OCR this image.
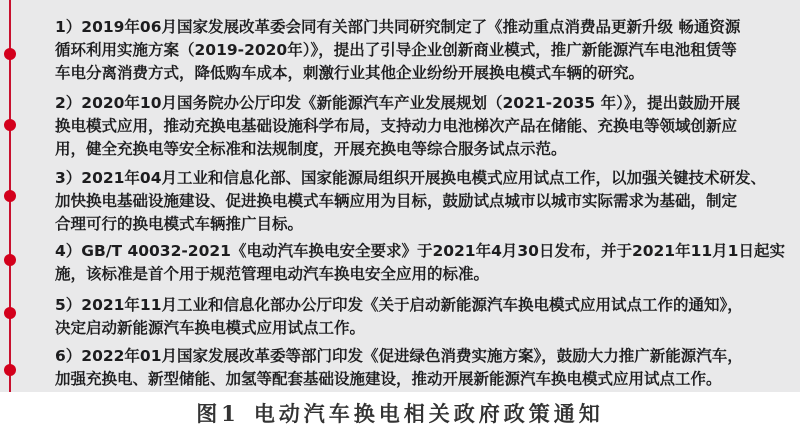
1）2019年06月国家发展改革委会同有关部门共同研究制定了《推动重点消费品更新升级 畅通资源
循环利用实施方案（2019-2020年）》，提出了引导企业创新商业模式，推广新能源汽车电池租赁等
车电分离消费方式，降低购车成本，刺激行业其他企业纷纷开展换电模式车辆的研究。

2）2020年10月国务院办公厅印发《新能源汽车产业发展规划（2021-2035 年）》，提出鼓励开展
换电模式应用，推动充换电基础设施科学布局，支持动力电池梯次产品在储能、充换电等领域创新应
用，健全充换电等安全标准和法规制度，开展充换电等综合服务试点示范。

3）2021年04月工业和信息化部、国家能源局组织开展换电模式应用试点工作，以加强关键技术研发、
加快换电基础设施建设、促进换电模式车辆应用为目标，鼓励试点城市以城市实际需求为基础，制定
合理可行的换电模式车辆推广目标。

4）GB/T 40032-2021《电动汽车换电安全要求》于2021年4月30日发布，并于2021年11月1日起实
施，该标准是首个用于规范管理电动汽车换电安全应用的标准。

5）2021年11月工业和信息化部办公厅印发《关于启动新能源汽车换电模式应用试点工作的通知》，
决定启动新能源汽车换电模式应用试点工作。

6）2022年01月国家发展改革委等部门印发《促进绿色消费实施方案》，鼓励大力推广新能源汽车，
加强充换电、新型储能、加氢等配套基础设施建设，推动开展新能源汽车换电模式应用试点工作。

图1 电动汽车换电相关政府政策通知
